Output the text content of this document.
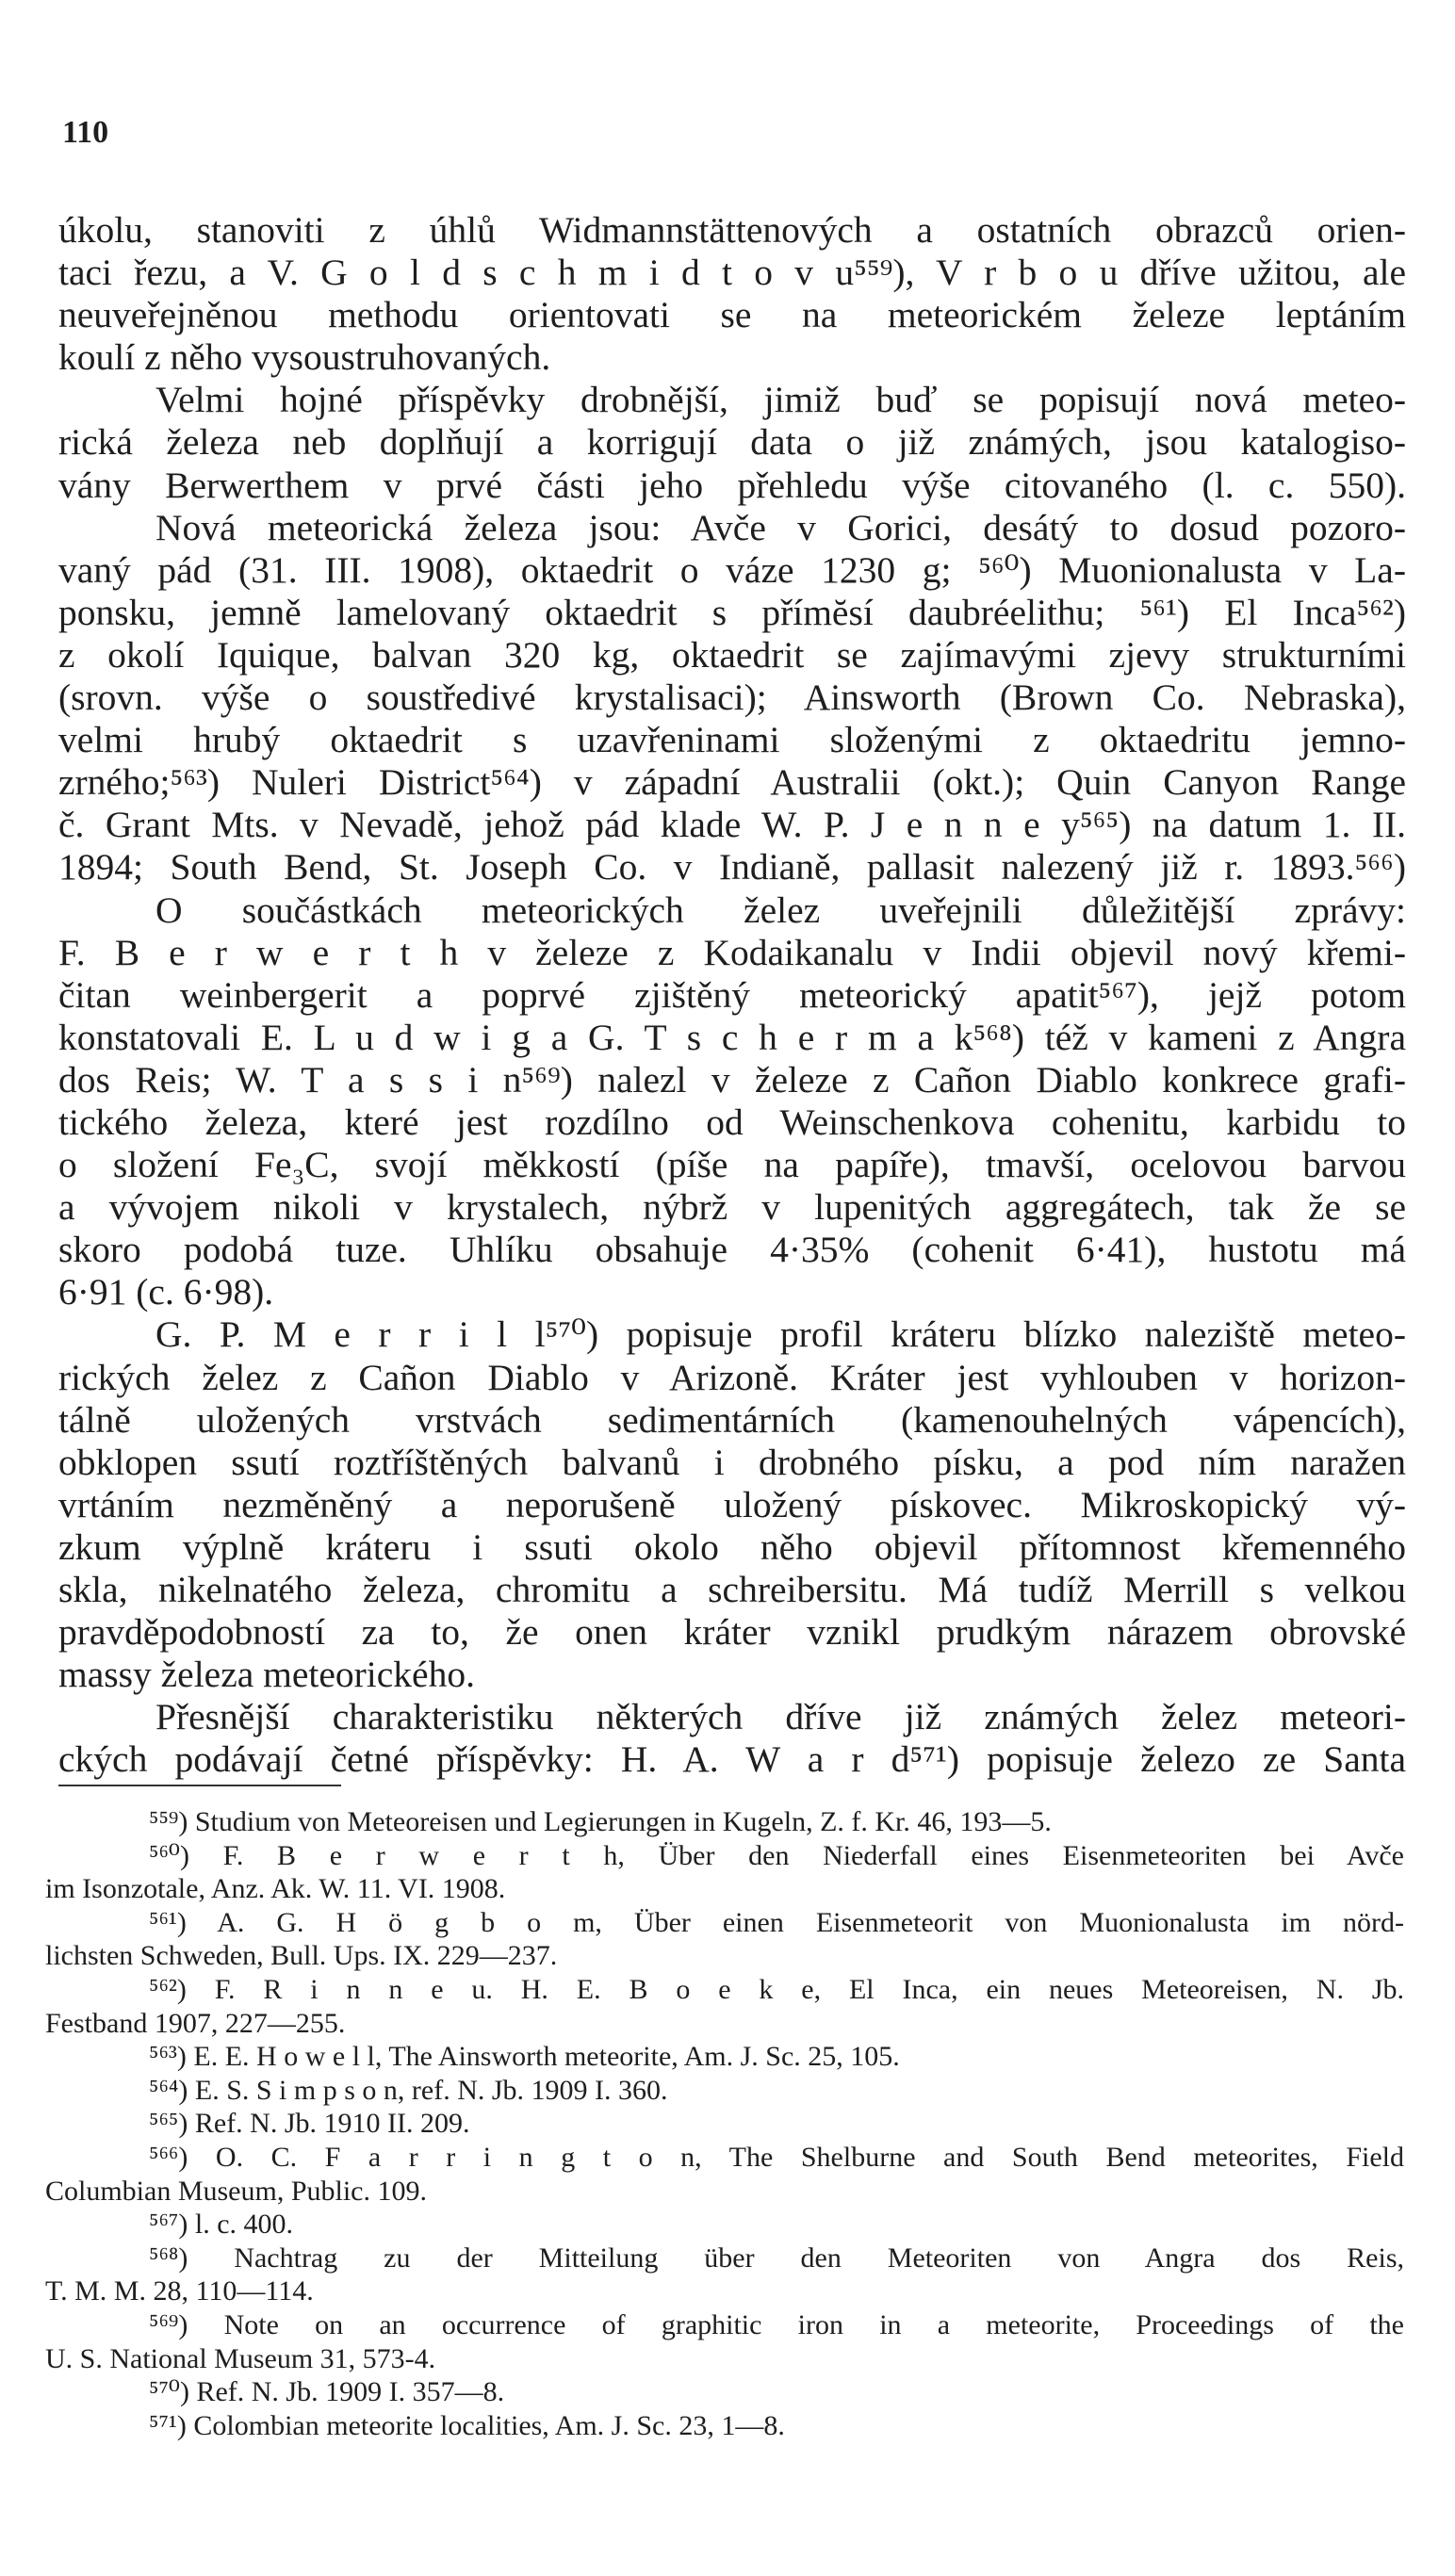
110
úkolu, stanoviti z úhlů Widmannstättenových a ostatních obrazců orien-
taci řezu, a V. G o l d s c h m i d t o v u⁵⁵⁹), V r b o u dříve užitou, ale
neuveřejněnou methodu orientovati se na meteorickém železe leptáním
koulí z něho vysoustruhovaných.
Velmi hojné příspěvky drobnější, jimiž buď se popisují nová meteo-
rická železa neb doplňují a korrigují data o již známých, jsou katalogiso-
vány Berwerthem v prvé části jeho přehledu výše citovaného (l. c. 550).
Nová meteorická železa jsou: Avče v Gorici, desátý to dosud pozoro-
vaný pád (31. III. 1908), oktaedrit o váze 1230 g; ⁵⁶⁰) Muonionalusta v La-
ponsku, jemně lamelovaný oktaedrit s přímĕsí daubréelithu; ⁵⁶¹) El Inca⁵⁶²)
z okolí Iquique, balvan 320 kg, oktaedrit se zajímavými zjevy strukturními
(srovn. výše o soustředivé krystalisaci); Ainsworth (Brown Co. Nebraska),
velmi hrubý oktaedrit s uzavřeninami složenými z oktaedritu jemno-
zrného;⁵⁶³) Nuleri District⁵⁶⁴) v západní Australii (okt.); Quin Canyon Range
č. Grant Mts. v Nevadě, jehož pád klade W. P. J e n n e y⁵⁶⁵) na datum 1. II.
1894; South Bend, St. Joseph Co. v Indianě, pallasit nalezený již r. 1893.⁵⁶⁶)
O součástkách meteorických želez uveřejnili důležitější zprávy:
F. B e r w e r t h v železe z Kodaikanalu v Indii objevil nový křemi-
čitan weinbergerit a poprvé zjištěný meteorický apatit⁵⁶⁷), jejž potom
konstatovali E. L u d w i g a G. T s c h e r m a k⁵⁶⁸) též v kameni z Angra
dos Reis; W. T a s s i n⁵⁶⁹) nalezl v železe z Cañon Diablo konkrece grafi-
tického železa, které jest rozdílno od Weinschenkova cohenitu, karbidu to
o složení Fe₃C, svojí měkkostí (píše na papíře), tmavší, ocelovou barvou
a vývojem nikoli v krystalech, nýbrž v lupenitých aggregátech, tak že se
skoro podobá tuze. Uhlíku obsahuje 4·35% (cohenit 6·41), hustotu má
6·91 (c. 6·98).
G. P. M e r r i l l⁵⁷⁰) popisuje profil kráteru blízko naleziště meteo-
rických želez z Cañon Diablo v Arizoně. Kráter jest vyhlouben v horizon-
tálně uložených vrstvách sedimentárních (kamenouhelných vápencích),
obklopen ssutí roztříštěných balvanů i drobného písku, a pod ním naražen
vrtáním nezměněný a neporušeně uložený pískovec. Mikroskopický vý-
zkum výplně kráteru i ssuti okolo něho objevil přítomnost křemenného
skla, nikelnatého železa, chromitu a schreibersitu. Má tudíž Merrill s velkou
pravděpodobností za to, že onen kráter vznikl prudkým nárazem obrovské
massy železa meteorického.
Přesnější charakteristiku některých dříve již známých želez meteori-
ckých podávají četné příspěvky: H. A. W a r d⁵⁷¹) popisuje železo ze Santa
⁵⁵⁹) Studium von Meteoreisen und Legierungen in Kugeln, Z. f. Kr. 46, 193—5.
⁵⁶⁰) F. B e r w e r t h, Über den Niederfall eines Eisenmeteoriten bei Avče
im Isonzotale, Anz. Ak. W. 11. VI. 1908.
⁵⁶¹) A. G. H ö g b o m, Über einen Eisenmeteorit von Muonionalusta im nörd-
lichsten Schweden, Bull. Ups. IX. 229—237.
⁵⁶²) F. R i n n e u. H. E. B o e k e, El Inca, ein neues Meteoreisen, N. Jb.
Festband 1907, 227—255.
⁵⁶³) E. E. H o w e l l, The Ainsworth meteorite, Am. J. Sc. 25, 105.
⁵⁶⁴) E. S. S i m p s o n, ref. N. Jb. 1909 I. 360.
⁵⁶⁵) Ref. N. Jb. 1910 II. 209.
⁵⁶⁶) O. C. F a r r i n g t o n, The Shelburne and South Bend meteorites, Field
Columbian Museum, Public. 109.
⁵⁶⁷) l. c. 400.
⁵⁶⁸) Nachtrag zu der Mitteilung über den Meteoriten von Angra dos Reis,
T. M. M. 28, 110—114.
⁵⁶⁹) Note on an occurrence of graphitic iron in a meteorite, Proceedings of the
U. S. National Museum 31, 573-4.
⁵⁷⁰) Ref. N. Jb. 1909 I. 357—8.
⁵⁷¹) Colombian meteorite localities, Am. J. Sc. 23, 1—8.
